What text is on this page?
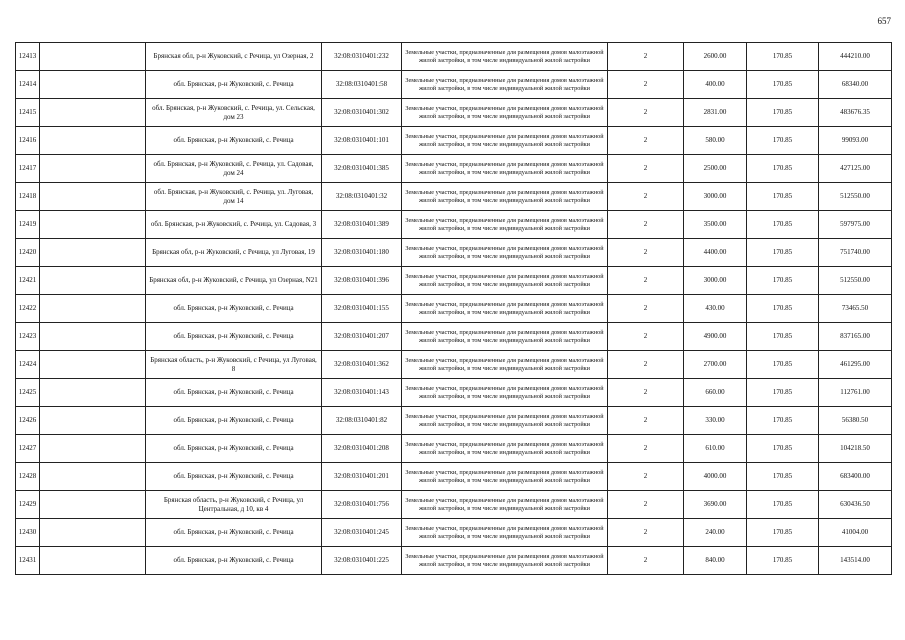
657
12413		Брянская обл, р-н Жуковский, с Речица, ул Озерная, 2	32:08:0310401:232	Земельные участки, предназначенные для размещения домов малоэтажной жилой застройки, в том числе индивидуальной жилой застройки	2	2600.00	170.85	444210.00
12414		обл. Брянская, р-н Жуковский, с. Речица	32:08:0310401:58	Земельные участки, предназначенные для размещения домов малоэтажной жилой застройки, в том числе индивидуальной жилой застройки	2	400.00	170.85	68340.00
12415		обл. Брянская, р-н Жуковский, с. Речица, ул. Сельская, дом 23	32:08:0310401:302	Земельные участки, предназначенные для размещения домов малоэтажной жилой застройки, в том числе индивидуальной жилой застройки	2	2831.00	170.85	483676.35
12416		обл. Брянская, р-н Жуковский, с. Речица	32:08:0310401:101	Земельные участки, предназначенные для размещения домов малоэтажной жилой застройки, в том числе индивидуальной жилой застройки	2	580.00	170.85	99093.00
12417		обл. Брянская, р-н Жуковский, с. Речица, ул. Садовая, дом 24	32:08:0310401:385	Земельные участки, предназначенные для размещения домов малоэтажной жилой застройки, в том числе индивидуальной жилой застройки	2	2500.00	170.85	427125.00
12418		обл. Брянская, р-н Жуковский, с. Речица, ул. Луговая, дом 14	32:08:0310401:32	Земельные участки, предназначенные для размещения домов малоэтажной жилой застройки, в том числе индивидуальной жилой застройки	2	3000.00	170.85	512550.00
12419		обл. Брянская, р-н Жуковский, с. Речица, ул. Садовая, 3	32:08:0310401:389	Земельные участки, предназначенные для размещения домов малоэтажной жилой застройки, в том числе индивидуальной жилой застройки	2	3500.00	170.85	597975.00
12420		Брянская обл, р-н Жуковский, с Речица, ул Луговая, 19	32:08:0310401:180	Земельные участки, предназначенные для размещения домов малоэтажной жилой застройки, в том числе индивидуальной жилой застройки	2	4400.00	170.85	751740.00
12421		Брянская обл, р-н Жуковский, с Речица, ул Озерная, N21	32:08:0310401:396	Земельные участки, предназначенные для размещения домов малоэтажной жилой застройки, в том числе индивидуальной жилой застройки	2	3000.00	170.85	512550.00
12422		обл. Брянская, р-н Жуковский, с. Речица	32:08:0310401:155	Земельные участки, предназначенные для размещения домов малоэтажной жилой застройки, в том числе индивидуальной жилой застройки	2	430.00	170.85	73465.50
12423		обл. Брянская, р-н Жуковский, с. Речица	32:08:0310401:207	Земельные участки, предназначенные для размещения домов малоэтажной жилой застройки, в том числе индивидуальной жилой застройки	2	4900.00	170.85	837165.00
12424		Брянская область, р-н Жуковский, с Речица, ул Луговая, 8	32:08:0310401:362	Земельные участки, предназначенные для размещения домов малоэтажной жилой застройки, в том числе индивидуальной жилой застройки	2	2700.00	170.85	461295.00
12425		обл. Брянская, р-н Жуковский, с. Речица	32:08:0310401:143	Земельные участки, предназначенные для размещения домов малоэтажной жилой застройки, в том числе индивидуальной жилой застройки	2	660.00	170.85	112761.00
12426		обл. Брянская, р-н Жуковский, с. Речица	32:08:0310401:82	Земельные участки, предназначенные для размещения домов малоэтажной жилой застройки, в том числе индивидуальной жилой застройки	2	330.00	170.85	56380.50
12427		обл. Брянская, р-н Жуковский, с. Речица	32:08:0310401:208	Земельные участки, предназначенные для размещения домов малоэтажной жилой застройки, в том числе индивидуальной жилой застройки	2	610.00	170.85	104218.50
12428		обл. Брянская, р-н Жуковский, с. Речица	32:08:0310401:201	Земельные участки, предназначенные для размещения домов малоэтажной жилой застройки, в том числе индивидуальной жилой застройки	2	4000.00	170.85	683400.00
12429		Брянская область, р-н Жуковский, с Речица, ул Центральная, д 10, кв 4	32:08:0310401:756	Земельные участки, предназначенные для размещения домов малоэтажной жилой застройки, в том числе индивидуальной жилой застройки	2	3690.00	170.85	630436.50
12430		обл. Брянская, р-н Жуковский, с. Речица	32:08:0310401:245	Земельные участки, предназначенные для размещения домов малоэтажной жилой застройки, в том числе индивидуальной жилой застройки	2	240.00	170.85	41004.00
12431		обл. Брянская, р-н Жуковский, с. Речица	32:08:0310401:225	Земельные участки, предназначенные для размещения домов малоэтажной жилой застройки, в том числе индивидуальной жилой застройки	2	840.00	170.85	143514.00
